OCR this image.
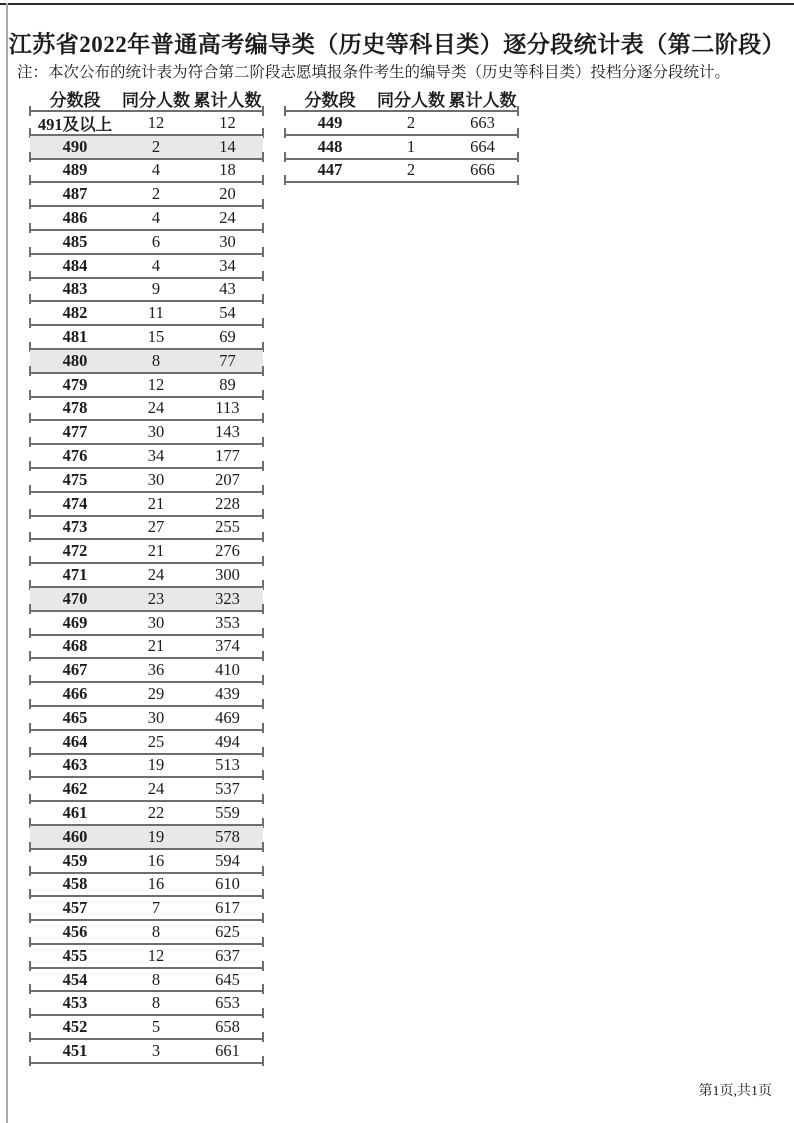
江苏省2022年普通高考编导类（历史等科目类）逐分段统计表（第二阶段）
注：本次公布的统计表为符合第二阶段志愿填报条件考生的编导类（历史等科目类）投档分逐分段统计。
分数段	同分人数 累计人数
491及以上	12	12
490	2	14
489	4	18
487	2	20
486	4	24
485	6	30
484	4	34
483	9	43
482	11	54
481	15	69
480	8	77
479	12	89
478	24	113
477	30	143
476	34	177
475	30	207
474	21	228
473	27	255
472	21	276
471	24	300
470	23	323
469	30	353
468	21	374
467	36	410
466	29	439
465	30	469
464	25	494
463	19	513
462	24	537
461	22	559
460	19	578
459	16	594
458	16	610
457	7	617
456	8	625
455	12	637
454	8	645
453	8	653
452	5	658
451	3	661
分数段	同分人数 累计人数
449	2	663
448	1	664
447	2	666
第1页,共1页
